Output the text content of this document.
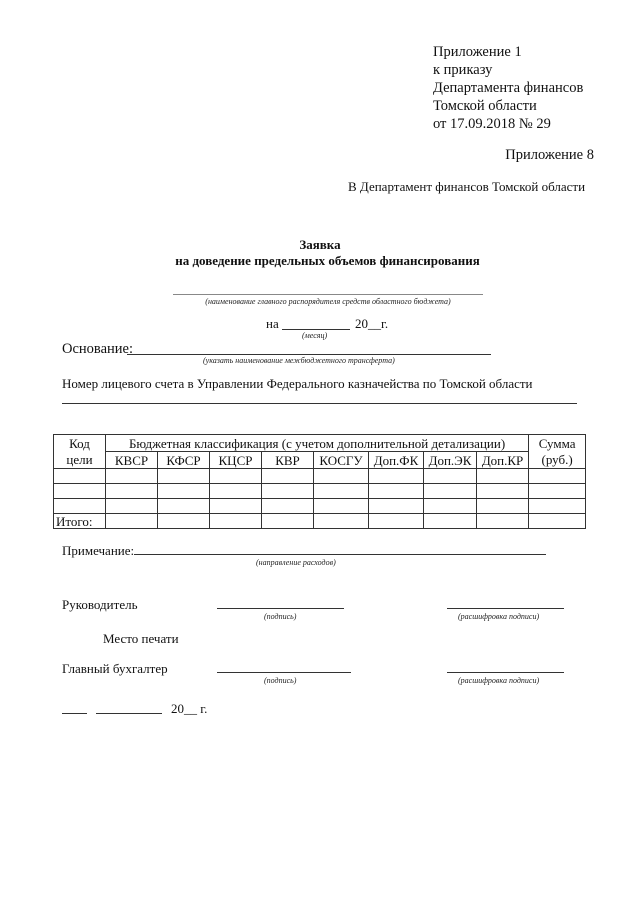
Приложение 1
к приказу
Департамента финансов
Томской области
от 17.09.2018 № 29
Приложение 8
В Департамент финансов Томской области
Заявка
на доведение предельных объемов финансирования
(наименование главного распорядителя средств областного бюджета)
на	20__г.
(месяц)
Основание:
(указать наименование межбюджетного трансферта)
Номер лицевого счета в Управлении Федерального казначейства по Томской области
Код	Бюджетная классификация (с учетом дополнительной детализации)								Сумма
цели	КВСР	КФСР	КЦСР	КВР	КОСГУ	Доп.ФК	Доп.ЭК	Доп.КР	(руб.)

Итого:									
Примечание:
(направление расходов)
Руководитель
(подпись)	(расшифровка подписи)
Место печати
Главный бухгалтер
(подпись)	(расшифровка подписи)
20__ г.
